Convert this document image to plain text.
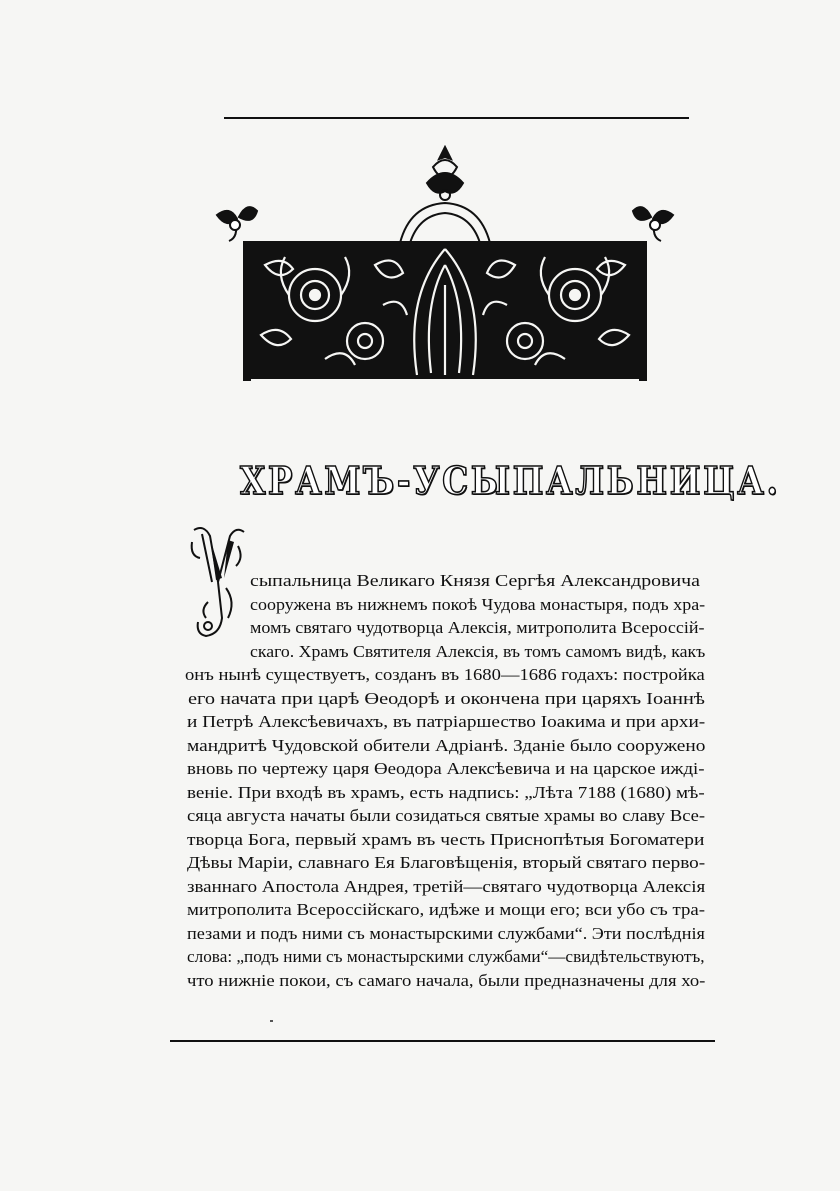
ХРАМЪ-УСЫПАЛЬНИЦА.
сыпальница Великаго Князя Сергѣя Александровича
сооружена въ нижнемъ покоѣ Чудова монастыря, подъ хра-
момъ святаго чудотворца Алексія, митрополита Всероссій-
скаго. Храмъ Святителя Алексія, въ томъ самомъ видѣ, какъ
онъ нынѣ существуетъ, созданъ въ 1680—1686 годахъ: постройка
его начата при царѣ Өеодорѣ и окончена при царяхъ Іоаннѣ
и Петрѣ Алексѣевичахъ, въ патріаршество Іоакима и при архи-
мандритѣ Чудовской обители Адріанѣ. Зданіе было сооружено
вновь по чертежу царя Өеодора Алексѣевича и на царское иждi-
веніе. При входѣ въ храмъ, есть надпись: „Лѣта 7188 (1680) мѣ-
сяца августа начаты были созидаться святые храмы во славу Все-
творца Бога, первый храмъ въ честь Приснопѣтыя Богоматери
Дѣвы Маріи, славнаго Ея Благовѣщенія, вторый святаго перво-
званнаго Апостола Андрея, третій—святаго чудотворца Алексія
митрополита Всероссійскаго, идѣже и мощи его; вси убо съ тра-
пезами и подъ ними съ монастырскими службами“. Эти послѣднія
слова: „подъ ними съ монастырскими службами“—свидѣтельствуютъ,
что нижніе покои, съ самаго начала, были предназначены для хо-
